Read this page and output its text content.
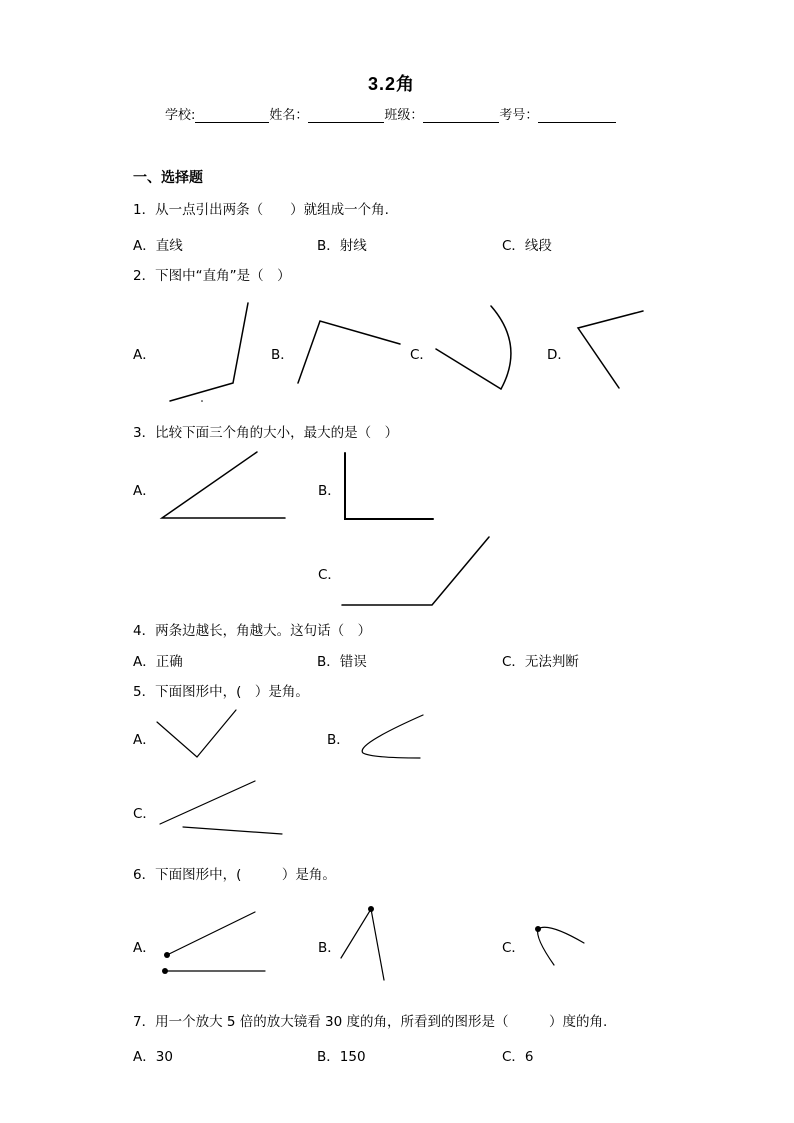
3.2角
学校:	姓名：	班级：	考号：
一、选择题
1．从一点引出两条（　　）就组成一个角.
A．直线	B．射线	C．线段
2．下图中“直角”是（　）
A．	B．	C．	D．
3．比较下面三个角的大小，最大的是（　）
A．	B．
C．
4．两条边越长，角越大。这句话（　）
A．正确	B．错误	C．无法判断
5．下面图形中，(　）是角。
A．	B．
C．
6．下面图形中，(　　　）是角。
A．	B．	C．
7．用一个放大 5 倍的放大镜看 30 度的角，所看到的图形是（　　　）度的角.
A．30	B．150	C．6
